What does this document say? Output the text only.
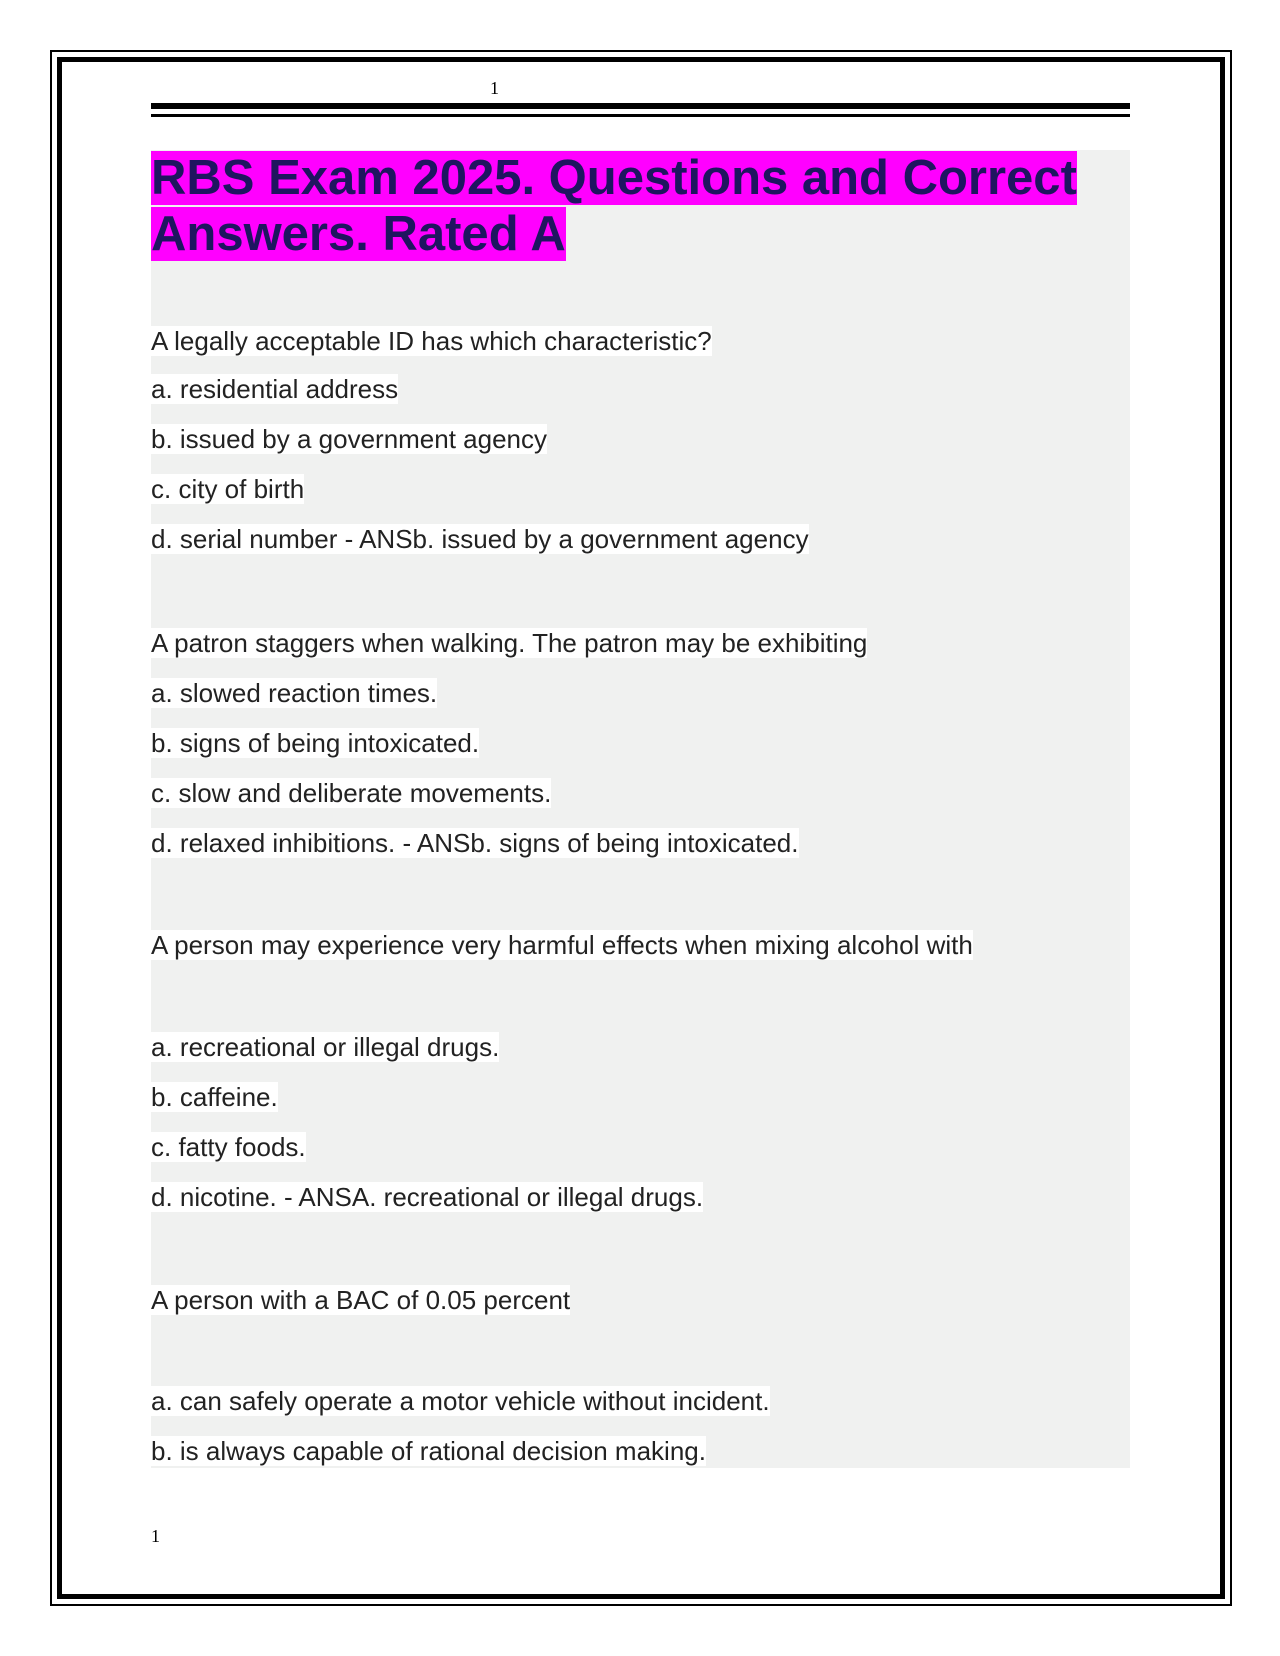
1
RBS Exam 2025. Questions and Correct Answers. Rated A
A legally acceptable ID has which characteristic?
a. residential address
b. issued by a government agency
c. city of birth
d. serial number - ANSb. issued by a government agency
A patron staggers when walking. The patron may be exhibiting
a. slowed reaction times.
b. signs of being intoxicated.
c. slow and deliberate movements.
d. relaxed inhibitions. - ANSb. signs of being intoxicated.
A person may experience very harmful effects when mixing alcohol with
a. recreational or illegal drugs.
b. caffeine.
c. fatty foods.
d. nicotine. - ANSA. recreational or illegal drugs.
A person with a BAC of 0.05 percent
a. can safely operate a motor vehicle without incident.
b. is always capable of rational decision making.
1
